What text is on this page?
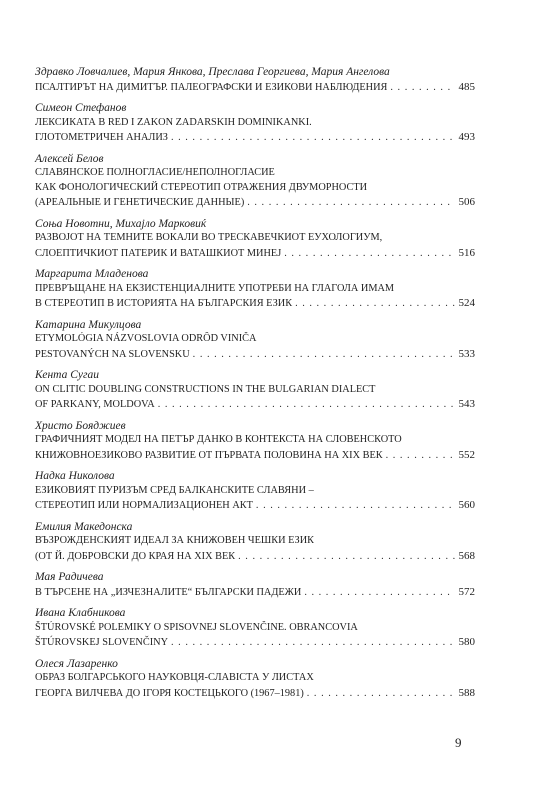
Здравко Ловчалиев, Мария Янкова, Преслава Георгиева, Мария Ангелова
ПСАЛТИРЪТ НА ДИМИТЪР. ПАЛЕОГРАФСКИ И ЕЗИКОВИ НАБЛЮДЕНИЯ . . .	485
Симеон Стефанов
ЛЕКСИКАТА В RED I ZAKON ZADARSKIH DOMINIKANKI.
ГЛОТОМЕТРИЧЕН АНАЛИЗ . . .	493
Алексей Белов
СЛАВЯНСКОЕ ПОЛНОГЛАСИЕ/НЕПОЛНОГЛАСИЕ
КАК ФОНОЛОГИЧЕСКИЙ СТЕРЕОТИП ОТРАЖЕНИЯ ДВУМОРНОСТИ
(АРЕАЛЬНЫЕ И ГЕНЕТИЧЕСКИЕ ДАННЫЕ) . . .	506
Соња Новотни, Михајло Марковиќ
РАЗВОЈОТ НА ТЕМНИТЕ ВОКАЛИ ВО ТРЕСКАВЕЧКИОТ ЕУХОЛОГИУМ,
СЛОЕПТИЧКИОТ ПАТЕРИК И ВАТАШКИОТ МИНЕЈ . . .	516
Маргарита Младенова
ПРЕВРЪЩАНЕ НА ЕКЗИСТЕНЦИАЛНИТЕ УПОТРЕБИ НА ГЛАГОЛА ИМАМ
В СТЕРЕОТИП В ИСТОРИЯТА НА БЪЛГАРСКИЯ ЕЗИК . . .	524
Катарина Микулцова
ETYMOLÓGIA NÁZVOSLOVIA ODRÔD VINIČA
PESTOVANÝCH NA SLOVENSKU . . .	533
Кента Сугаи
ON CLITIC DOUBLING CONSTRUCTIONS IN THE BULGARIAN DIALECT
OF PARKANY, MOLDOVA . . .	543
Христо Бояджиев
ГРАФИЧНИЯТ МОДЕЛ НА ПЕТЪР ДАНКО В КОНТЕКСТА НА СЛОВЕНСКОТО
КНИЖОВНОЕЗИКОВО РАЗВИТИЕ ОТ ПЪРВАТА ПОЛОВИНА НА XIX ВЕК . . .	552
Надка Николова
ЕЗИКОВИЯТ ПУРИЗЪМ СРЕД БАЛКАНСКИТЕ СЛАВЯНИ –
СТЕРЕОТИП ИЛИ НОРМАЛИЗАЦИОНЕН АКТ . . .	560
Емилия Македонска
ВЪЗРОЖДЕНСКИЯТ ИДЕАЛ ЗА КНИЖОВЕН ЧЕШКИ ЕЗИК
(ОТ Й. ДОБРОВСКИ ДО КРАЯ НА XIX ВЕК . . .	568
Мая Радичева
В ТЪРСЕНЕ НА „ИЗЧЕЗНАЛИТЕ“ БЪЛГАРСКИ ПАДЕЖИ . . .	572
Ивана Клабникова
ŠTÚROVSKÉ POLEMIKY O SPISOVNEJ SLOVENČINE. OBRANCOVIA
ŠTÚROVSKEJ SLOVENČINY . . .	580
Олеся Лазаренко
ОБРАЗ БОЛГАРСЬКОГО НАУКОВЦЯ-СЛАВІСТА У ЛИСТАХ
ГЕОРГА ВИЛЧЕВА ДО ІГОРЯ КОСТЕЦЬКОГО (1967–1981) . . .	588
9
